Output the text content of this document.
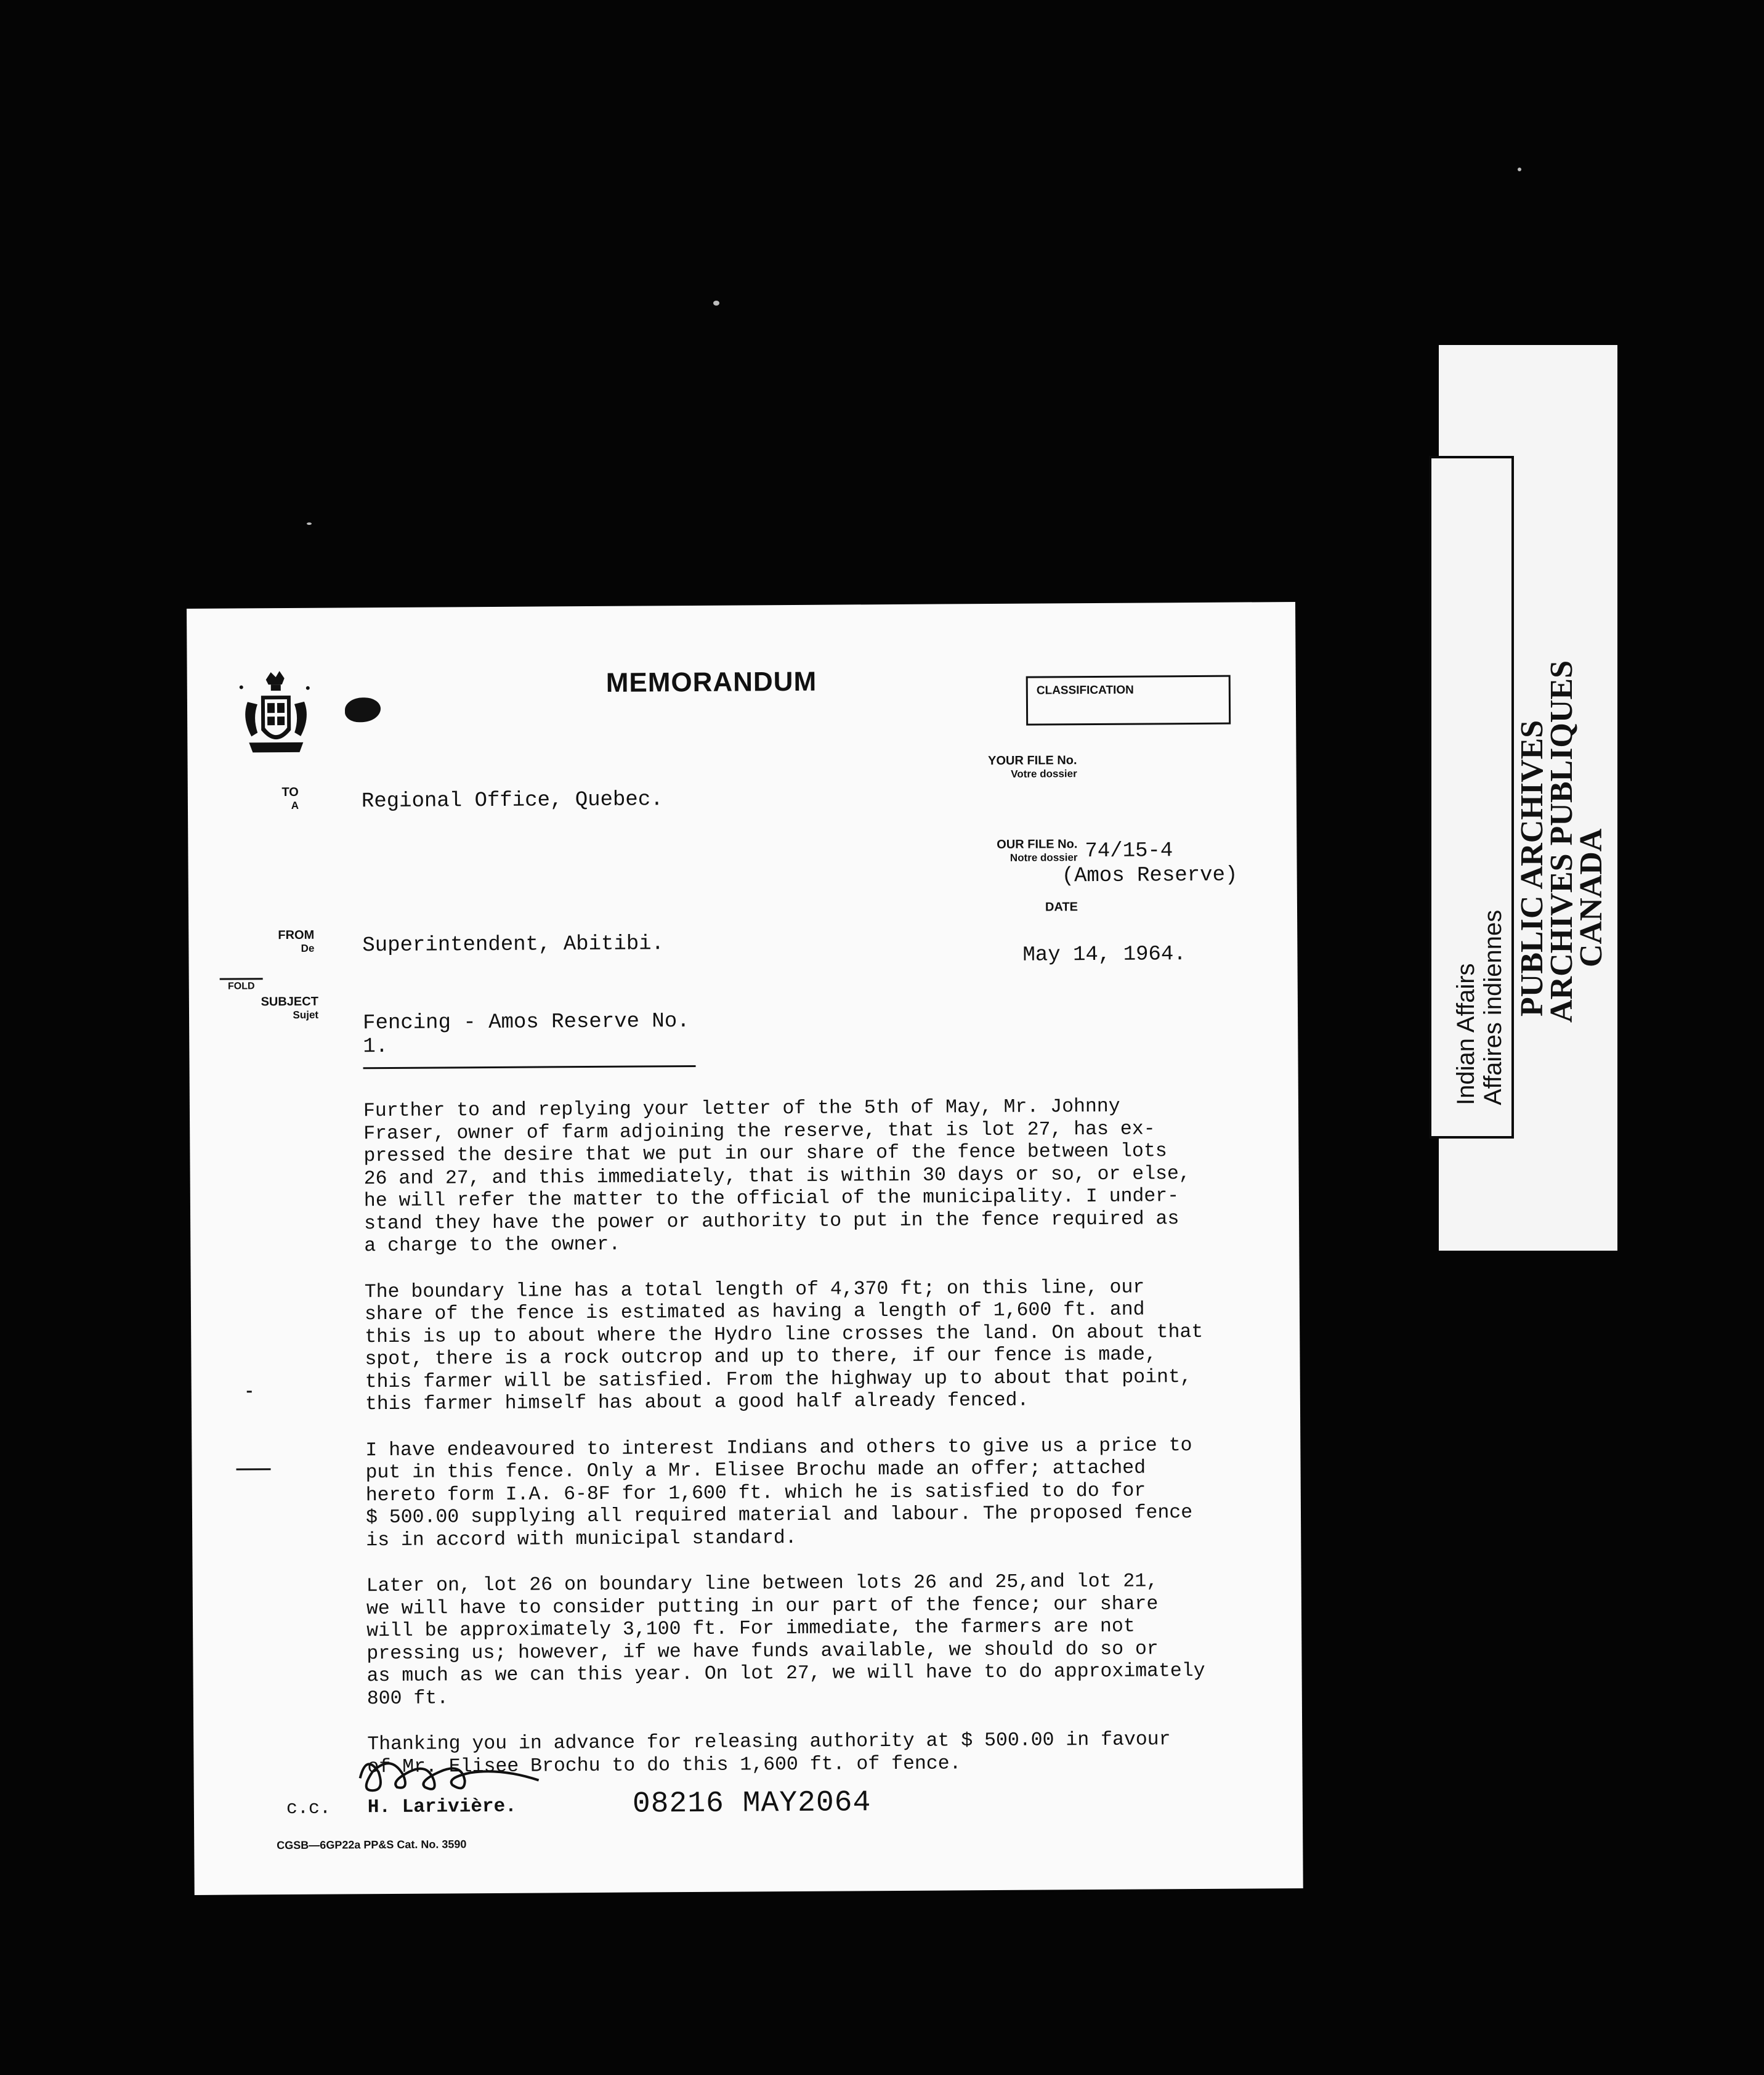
MEMORANDUM	CLASSIFICATION
TO
A	Regional Office, Quebec.
FROM
De Superintendent, Abitibi.
FOLD
SUBJECT
Sujet Fencing - Amos Reserve No. 1.
YOUR FILE No.
Votre dossier
OUR FILE No.
Notre dossier 74/15-4
(Amos Reserve)
DATE
May 14, 1964.

Further to and replying your letter of the 5th of May, Mr. Johnny
Fraser, owner of farm adjoining the reserve, that is lot 27, has ex-
pressed the desire that we put in our share of the fence between lots
26 and 27, and this immediately, that is within 30 days or so, or else,
he will refer the matter to the official of the municipality. I under-
stand they have the power or authority to put in the fence required as
a charge to the owner.

The boundary line has a total length of 4,370 ft; on this line, our
share of the fence is estimated as having a length of 1,600 ft. and
this is up to about where the Hydro line crosses the land. On about that
spot, there is a rock outcrop and up to there, if our fence is made,
this farmer will be satisfied. From the highway up to about that point,
this farmer himself has about a good half already fenced.

I have endeavoured to interest Indians and others to give us a price to
put in this fence. Only a Mr. Elisee Brochu made an offer; attached
hereto form I.A. 6-8F for 1,600 ft. which he is satisfied to do for
$ 500.00 supplying all required material and labour. The proposed fence
is in accord with municipal standard.

Later on, lot 26 on boundary line between lots 26 and 25,and lot 21,
we will have to consider putting in our part of the fence; our share
will be approximately 3,100 ft. For immediate, the farmers are not
pressing us; however, if we have funds available, we should do so or
as much as we can this year. On lot 27, we will have to do approximately
800 ft.

Thanking you in advance for releasing authority at $ 500.00 in favour
of Mr. Elisee Brochu to do this 1,600 ft. of fence.

c.c. H. Larivière.	08216 MAY2064
CGSB—6GP22a PP&S Cat. No. 3590
PUBLIC ARCHIVES
ARCHIVES PUBLIQUES
CANADA
Indian Affairs Affaires indiennes
